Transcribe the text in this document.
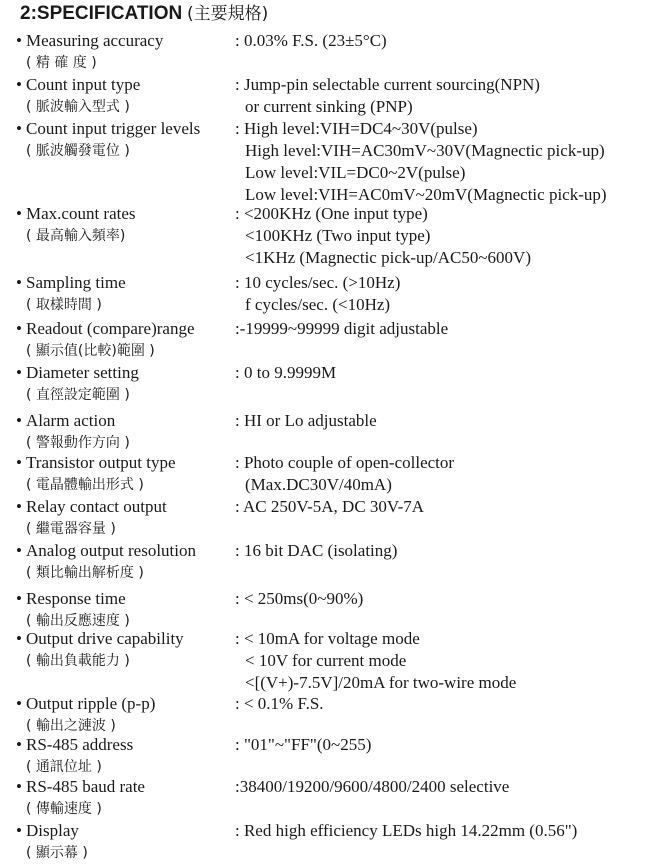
2:SPECIFICATION (主要規格)
• Measuring accuracy
( 精 確 度 )
: 0.03% F.S. (23±5°C)
• Count input type
( 脈波輸入型式 )
: Jump-pin selectable current sourcing(NPN)
or current sinking (PNP)
• Count input trigger levels
( 脈波觸發電位 )
: High level:VIH=DC4~30V(pulse)
High level:VIH=AC30mV~30V(Magnectic pick-up)
Low level:VIL=DC0~2V(pulse)
Low level:VIH=AC0mV~20mV(Magnectic pick-up)
• Max.count rates
( 最高輸入頻率)
: <200KHz (One input type)
<100KHz (Two input type)
<1KHz (Magnectic pick-up/AC50~600V)
• Sampling time
( 取樣時間 )
: 10 cycles/sec. (>10Hz)
f cycles/sec. (<10Hz)
• Readout (compare)range
( 顯示值(比較)範圍 )
:-19999~99999 digit adjustable
• Diameter setting
( 直徑設定範圍 )
: 0 to 9.9999M
• Alarm action
( 警報動作方向 )
: HI or Lo adjustable
• Transistor output type
( 電晶體輸出形式 )
: Photo couple of open-collector
(Max.DC30V/40mA)
• Relay contact output
( 繼電器容量 )
: AC 250V-5A, DC 30V-7A
• Analog output resolution
( 類比輸出解析度 )
: 16 bit DAC (isolating)
• Response time
( 輸出反應速度 )
: < 250ms(0~90%)
• Output drive capability
( 輸出負載能力 )
: < 10mA for voltage mode
< 10V for current mode
<[(V+)-7.5V]/20mA for two-wire mode
• Output ripple (p-p)
( 輸出之漣波 )
: < 0.1% F.S.
• RS-485 address
( 通訊位址 )
: "01"~"FF"(0~255)
• RS-485 baud rate
( 傳輸速度 )
:38400/19200/9600/4800/2400 selective
• Display
( 顯示幕 )
: Red high efficiency LEDs high 14.22mm (0.56")
